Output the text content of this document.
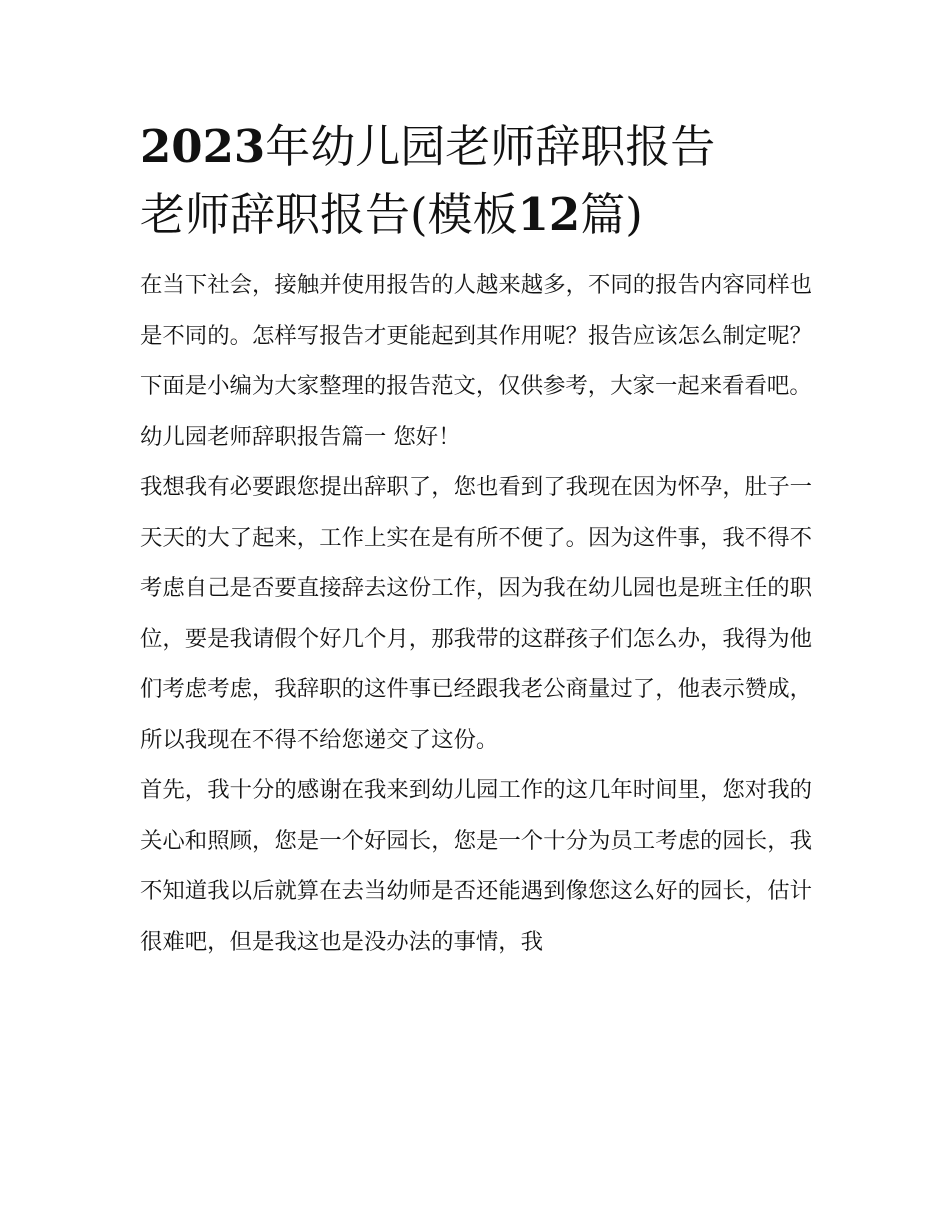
2023年幼儿园老师辞职报告
老师辞职报告(模板12篇)

在当下社会，接触并使用报告的人越来越多，不同的报告内容同样也是不同的。怎样写报告才更能起到其作用呢？报告应该怎么制定呢？下面是小编为大家整理的报告范文，仅供参考，大家一起来看看吧。

幼儿园老师辞职报告篇一 您好！

我想我有必要跟您提出辞职了，您也看到了我现在因为怀孕，肚子一天天的大了起来，工作上实在是有所不便了。因为这件事，我不得不考虑自己是否要直接辞去这份工作，因为我在幼儿园也是班主任的职位，要是我请假个好几个月，那我带的这群孩子们怎么办，我得为他们考虑考虑，我辞职的这件事已经跟我老公商量过了，他表示赞成，所以我现在不得不给您递交了这份。

首先，我十分的感谢在我来到幼儿园工作的这几年时间里，您对我的关心和照顾，您是一个好园长，您是一个十分为员工考虑的园长，我不知道我以后就算在去当幼师是否还能遇到像您这么好的园长，估计很难吧，但是我这也是没办法的事情，我
